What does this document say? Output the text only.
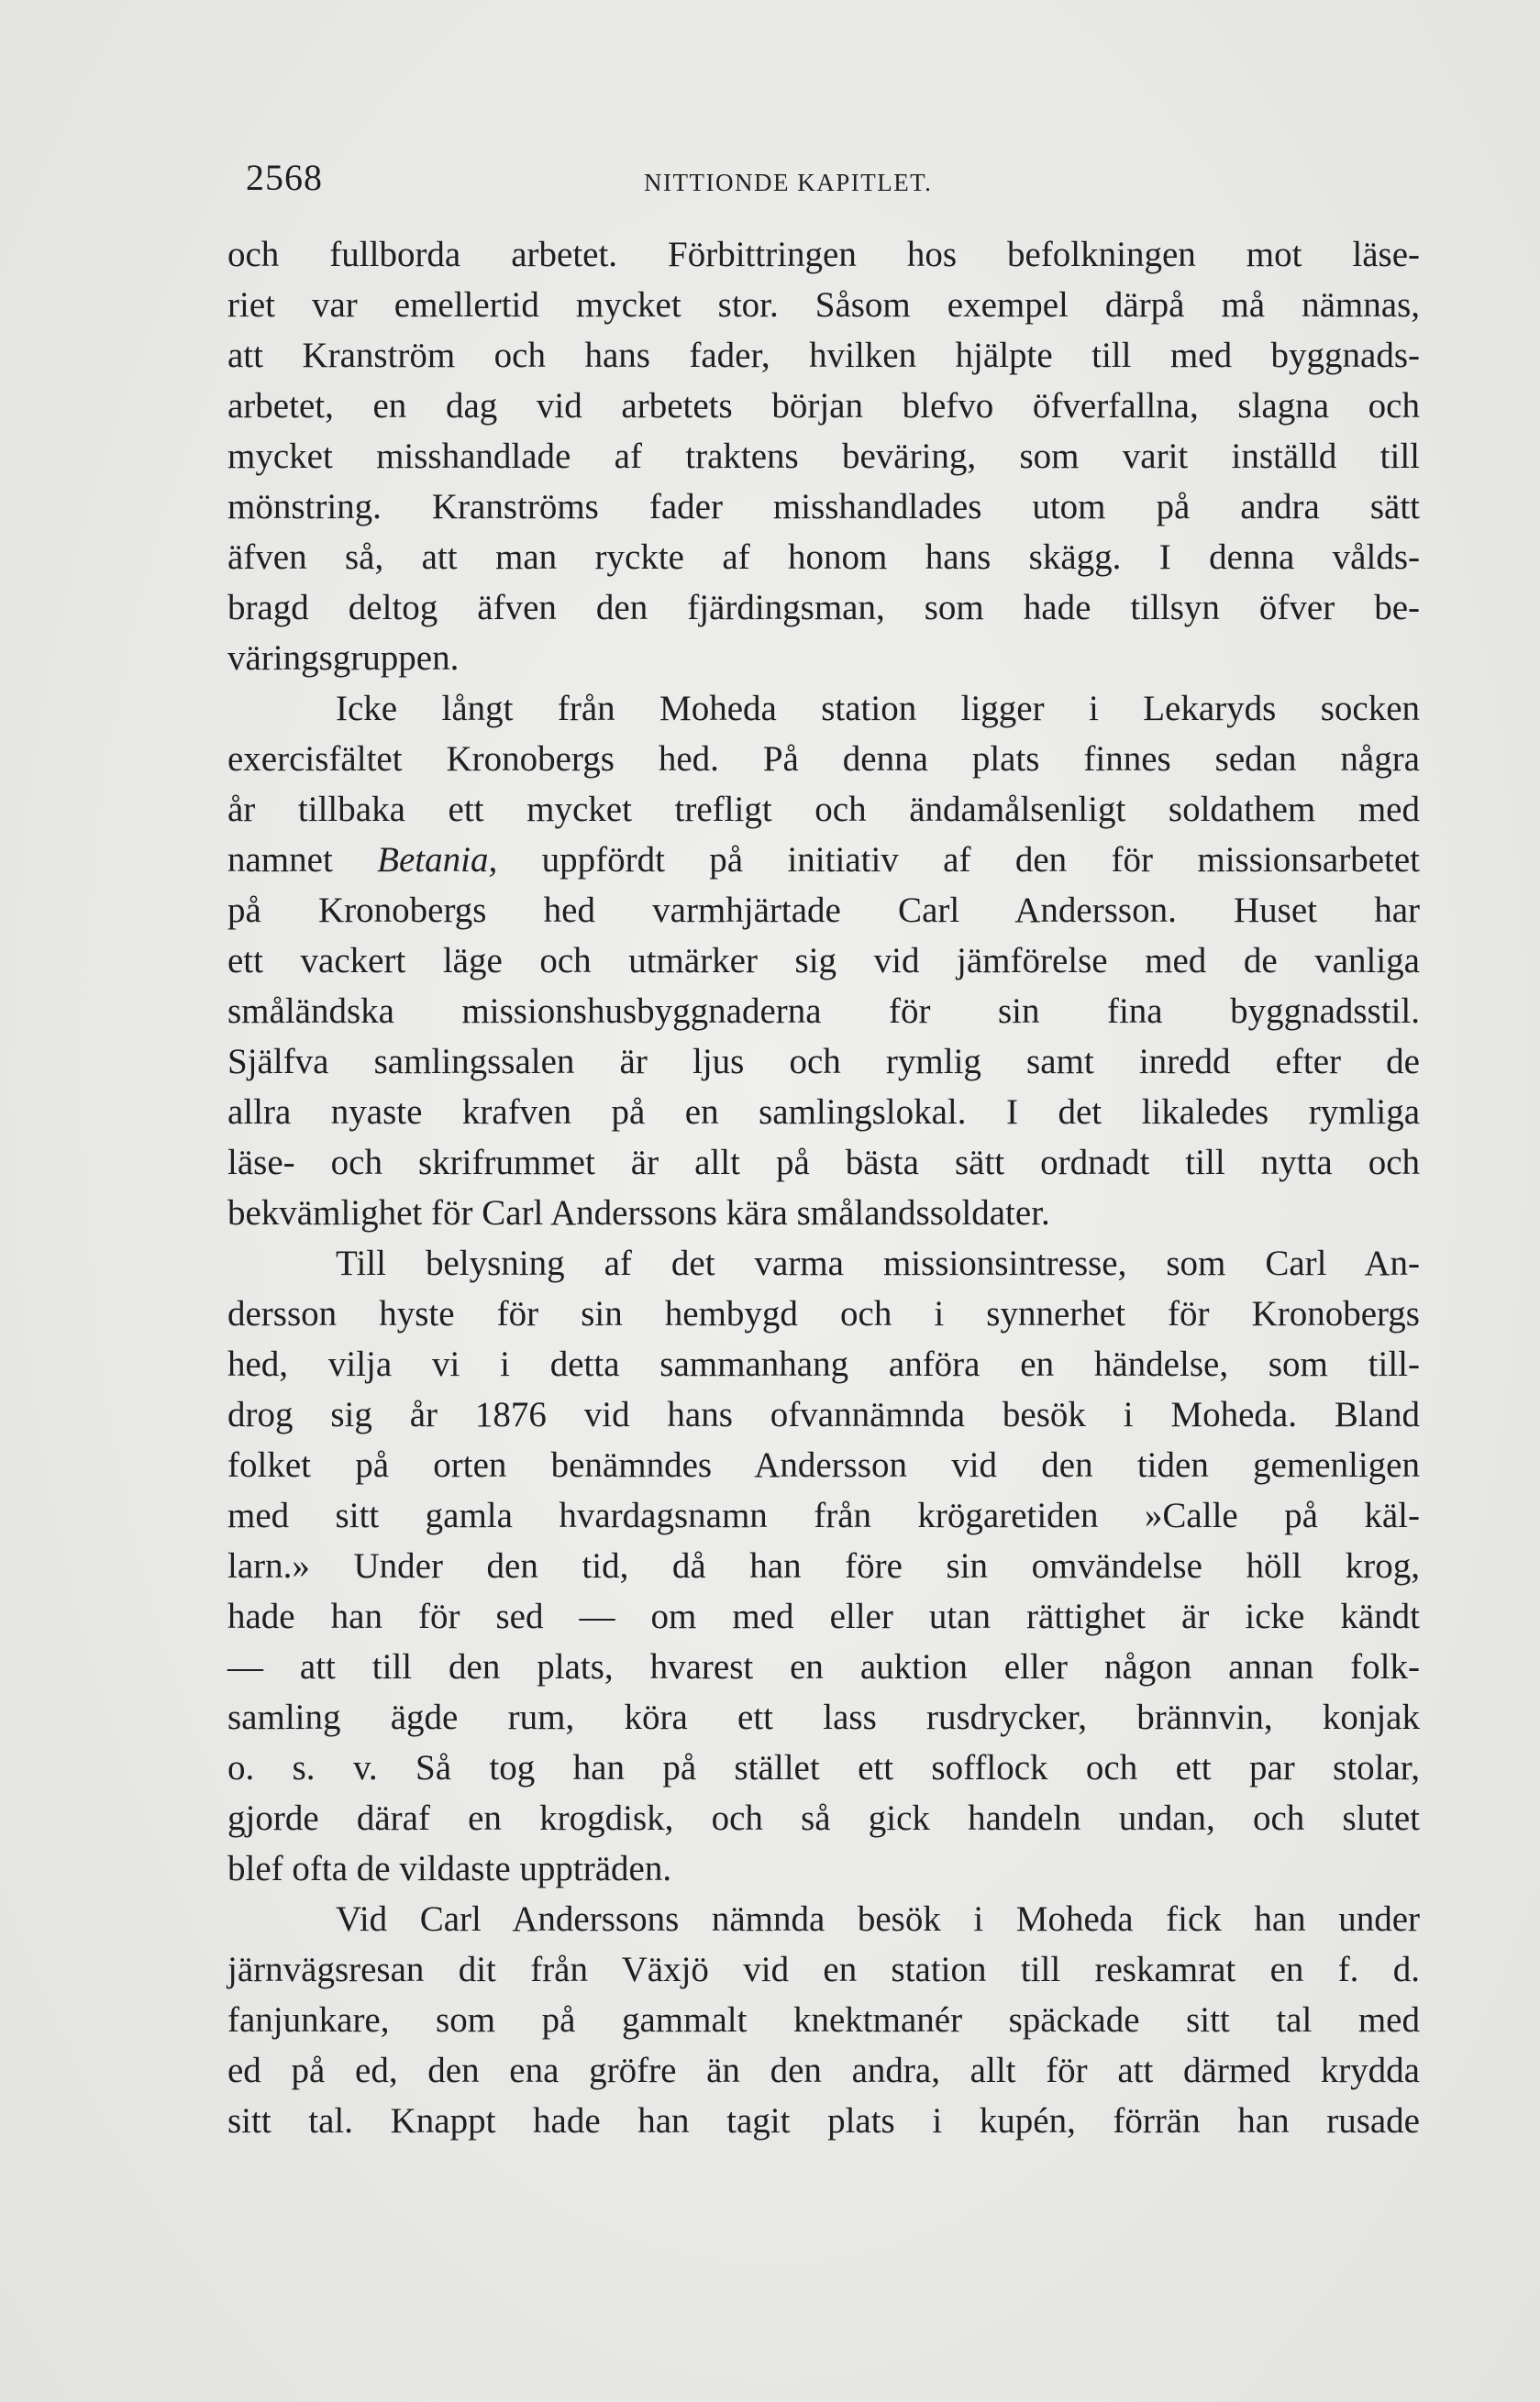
2568	NITTIONDE KAPITLET.
och fullborda arbetet. Förbittringen hos befolkningen mot läse-
riet var emellertid mycket stor. Såsom exempel därpå må nämnas,
att Kranström och hans fader, hvilken hjälpte till med byggnads-
arbetet, en dag vid arbetets början blefvo öfverfallna, slagna och
mycket misshandlade af traktens beväring, som varit inställd till
mönstring. Kranströms fader misshandlades utom på andra sätt
äfven så, att man ryckte af honom hans skägg. I denna vålds-
bragd deltog äfven den fjärdingsman, som hade tillsyn öfver be-
väringsgruppen.
Icke långt från Moheda station ligger i Lekaryds socken
exercisfältet Kronobergs hed. På denna plats finnes sedan några
år tillbaka ett mycket trefligt och ändamålsenligt soldathem med
namnet Betania, uppfördt på initiativ af den för missionsarbetet
på Kronobergs hed varmhjärtade Carl Andersson. Huset har
ett vackert läge och utmärker sig vid jämförelse med de vanliga
småländska missionshusbyggnaderna för sin fina byggnadsstil.
Själfva samlingssalen är ljus och rymlig samt inredd efter de
allra nyaste krafven på en samlingslokal. I det likaledes rymliga
läse- och skrifrummet är allt på bästa sätt ordnadt till nytta och
bekvämlighet för Carl Anderssons kära smålandssoldater.
Till belysning af det varma missionsintresse, som Carl An-
dersson hyste för sin hembygd och i synnerhet för Kronobergs
hed, vilja vi i detta sammanhang anföra en händelse, som till-
drog sig år 1876 vid hans ofvannämnda besök i Moheda. Bland
folket på orten benämndes Andersson vid den tiden gemenligen
med sitt gamla hvardagsnamn från krögaretiden »Calle på käl-
larn.» Under den tid, då han före sin omvändelse höll krog,
hade han för sed — om med eller utan rättighet är icke kändt
— att till den plats, hvarest en auktion eller någon annan folk-
samling ägde rum, köra ett lass rusdrycker, brännvin, konjak
o. s. v. Så tog han på stället ett sofflock och ett par stolar,
gjorde däraf en krogdisk, och så gick handeln undan, och slutet
blef ofta de vildaste uppträden.
Vid Carl Anderssons nämnda besök i Moheda fick han under
järnvägsresan dit från Växjö vid en station till reskamrat en f. d.
fanjunkare, som på gammalt knektmanér späckade sitt tal med
ed på ed, den ena gröfre än den andra, allt för att därmed krydda
sitt tal. Knappt hade han tagit plats i kupén, förrän han rusade
